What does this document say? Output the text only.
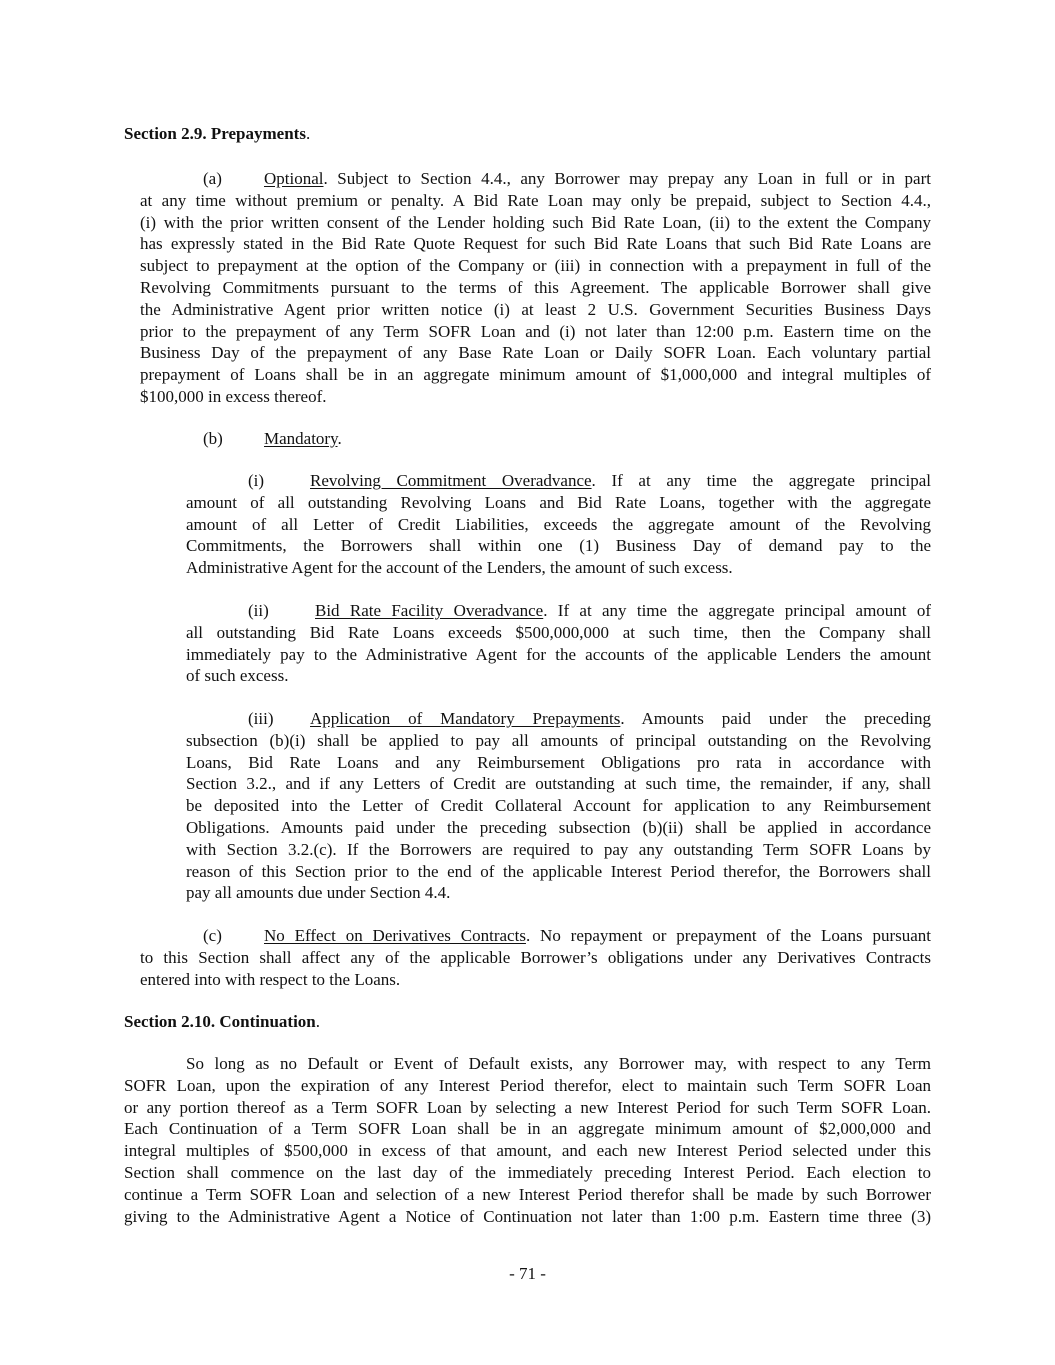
Section 2.9. Prepayments.
(a) Optional. Subject to Section 4.4., any Borrower may prepay any Loan in full or in part
at any time without premium or penalty. A Bid Rate Loan may only be prepaid, subject to Section 4.4.,
(i) with the prior written consent of the Lender holding such Bid Rate Loan, (ii) to the extent the Company
has expressly stated in the Bid Rate Quote Request for such Bid Rate Loans that such Bid Rate Loans are
subject to prepayment at the option of the Company or (iii) in connection with a prepayment in full of the
Revolving Commitments pursuant to the terms of this Agreement. The applicable Borrower shall give
the Administrative Agent prior written notice (i) at least 2 U.S. Government Securities Business Days
prior to the prepayment of any Term SOFR Loan and (i) not later than 12:00 p.m. Eastern time on the
Business Day of the prepayment of any Base Rate Loan or Daily SOFR Loan. Each voluntary partial
prepayment of Loans shall be in an aggregate minimum amount of $1,000,000 and integral multiples of
$100,000 in excess thereof.
(b) Mandatory.
(i)	Revolving Commitment Overadvance. If at any time the aggregate principal
amount of all outstanding Revolving Loans and Bid Rate Loans, together with the aggregate
amount of all Letter of Credit Liabilities, exceeds the aggregate amount of the Revolving
Commitments, the Borrowers shall within one (1) Business Day of demand pay to the
Administrative Agent for the account of the Lenders, the amount of such excess.
(ii)	Bid Rate Facility Overadvance. If at any time the aggregate principal amount of
all outstanding Bid Rate Loans exceeds $500,000,000 at such time, then the Company shall
immediately pay to the Administrative Agent for the accounts of the applicable Lenders the amount
of such excess.
(iii) Application of Mandatory Prepayments. Amounts paid under the preceding
subsection (b)(i) shall be applied to pay all amounts of principal outstanding on the Revolving
Loans, Bid Rate Loans and any Reimbursement Obligations pro rata in accordance with
Section 3.2., and if any Letters of Credit are outstanding at such time, the remainder, if any, shall
be deposited into the Letter of Credit Collateral Account for application to any Reimbursement
Obligations. Amounts paid under the preceding subsection (b)(ii) shall be applied in accordance
with Section 3.2.(c). If the Borrowers are required to pay any outstanding Term SOFR Loans by
reason of this Section prior to the end of the applicable Interest Period therefor, the Borrowers shall
pay all amounts due under Section 4.4.
(c) No Effect on Derivatives Contracts. No repayment or prepayment of the Loans pursuant
to this Section shall affect any of the applicable Borrower’s obligations under any Derivatives Contracts
entered into with respect to the Loans.
Section 2.10. Continuation.
So long as no Default or Event of Default exists, any Borrower may, with respect to any Term
SOFR Loan, upon the expiration of any Interest Period therefor, elect to maintain such Term SOFR Loan
or any portion thereof as a Term SOFR Loan by selecting a new Interest Period for such Term SOFR Loan.
Each Continuation of a Term SOFR Loan shall be in an aggregate minimum amount of $2,000,000 and
integral multiples of $500,000 in excess of that amount, and each new Interest Period selected under this
Section shall commence on the last day of the immediately preceding Interest Period. Each election to
continue a Term SOFR Loan and selection of a new Interest Period therefor shall be made by such Borrower
giving to the Administrative Agent a Notice of Continuation not later than 1:00 p.m. Eastern time three (3)
- 71 -
